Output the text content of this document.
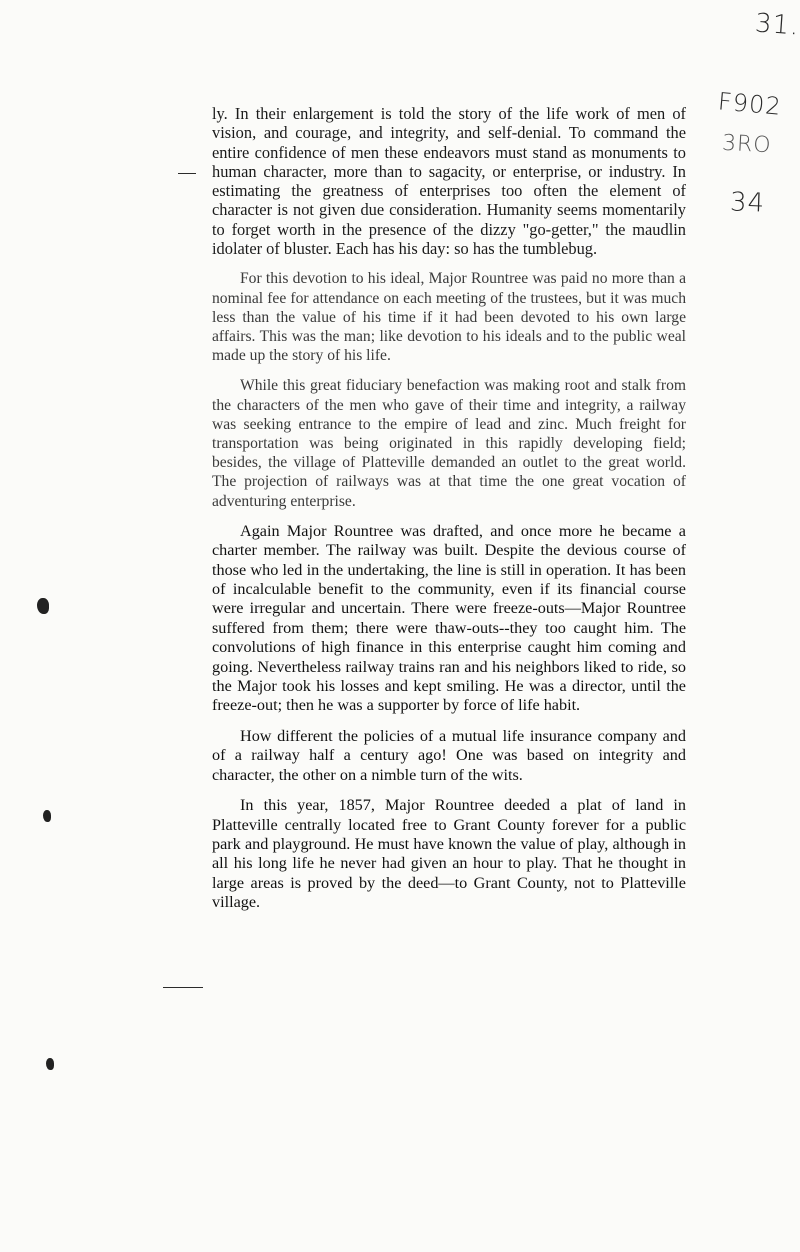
31.
F902
3RO
34

ly. In their enlargement is told the story of the life work of men of vision, and courage, and integrity, and self-denial. To command the entire confidence of men these endeavors must stand as monuments to human character, more than to sagacity, or enterprise, or industry. In estimating the greatness of enterprises too often the element of character is not given due consideration. Humanity seems momentarily to forget worth in the presence of the dizzy "go-getter," the maudlin idolater of bluster. Each has his day: so has the tumblebug.

For this devotion to his ideal, Major Rountree was paid no more than a nominal fee for attendance on each meeting of the trustees, but it was much less than the value of his time if it had been devoted to his own large affairs. This was the man; like devotion to his ideals and to the public weal made up the story of his life.

While this great fiduciary benefaction was making root and stalk from the characters of the men who gave of their time and integrity, a railway was seeking entrance to the empire of lead and zinc. Much freight for transportation was being originated in this rapidly developing field; besides, the village of Platteville demanded an outlet to the great world. The projection of railways was at that time the one great vocation of adventuring enterprise.

Again Major Rountree was drafted, and once more he became a charter member. The railway was built. Despite the devious course of those who led in the undertaking, the line is still in operation. It has been of incalculable benefit to the community, even if its financial course were irregular and uncertain. There were freeze-outs—Major Rountree suffered from them; there were thaw-outs--they too caught him. The convolutions of high finance in this enterprise caught him coming and going. Nevertheless railway trains ran and his neighbors liked to ride, so the Major took his losses and kept smiling. He was a director, until the freeze-out; then he was a supporter by force of life habit.

How different the policies of a mutual life insurance company and of a railway half a century ago! One was based on integrity and character, the other on a nimble turn of the wits.

In this year, 1857, Major Rountree deeded a plat of land in Platteville centrally located free to Grant County forever for a public park and playground. He must have known the value of play, although in all his long life he never had given an hour to play. That he thought in large areas is proved by the deed—to Grant County, not to Platteville village.
